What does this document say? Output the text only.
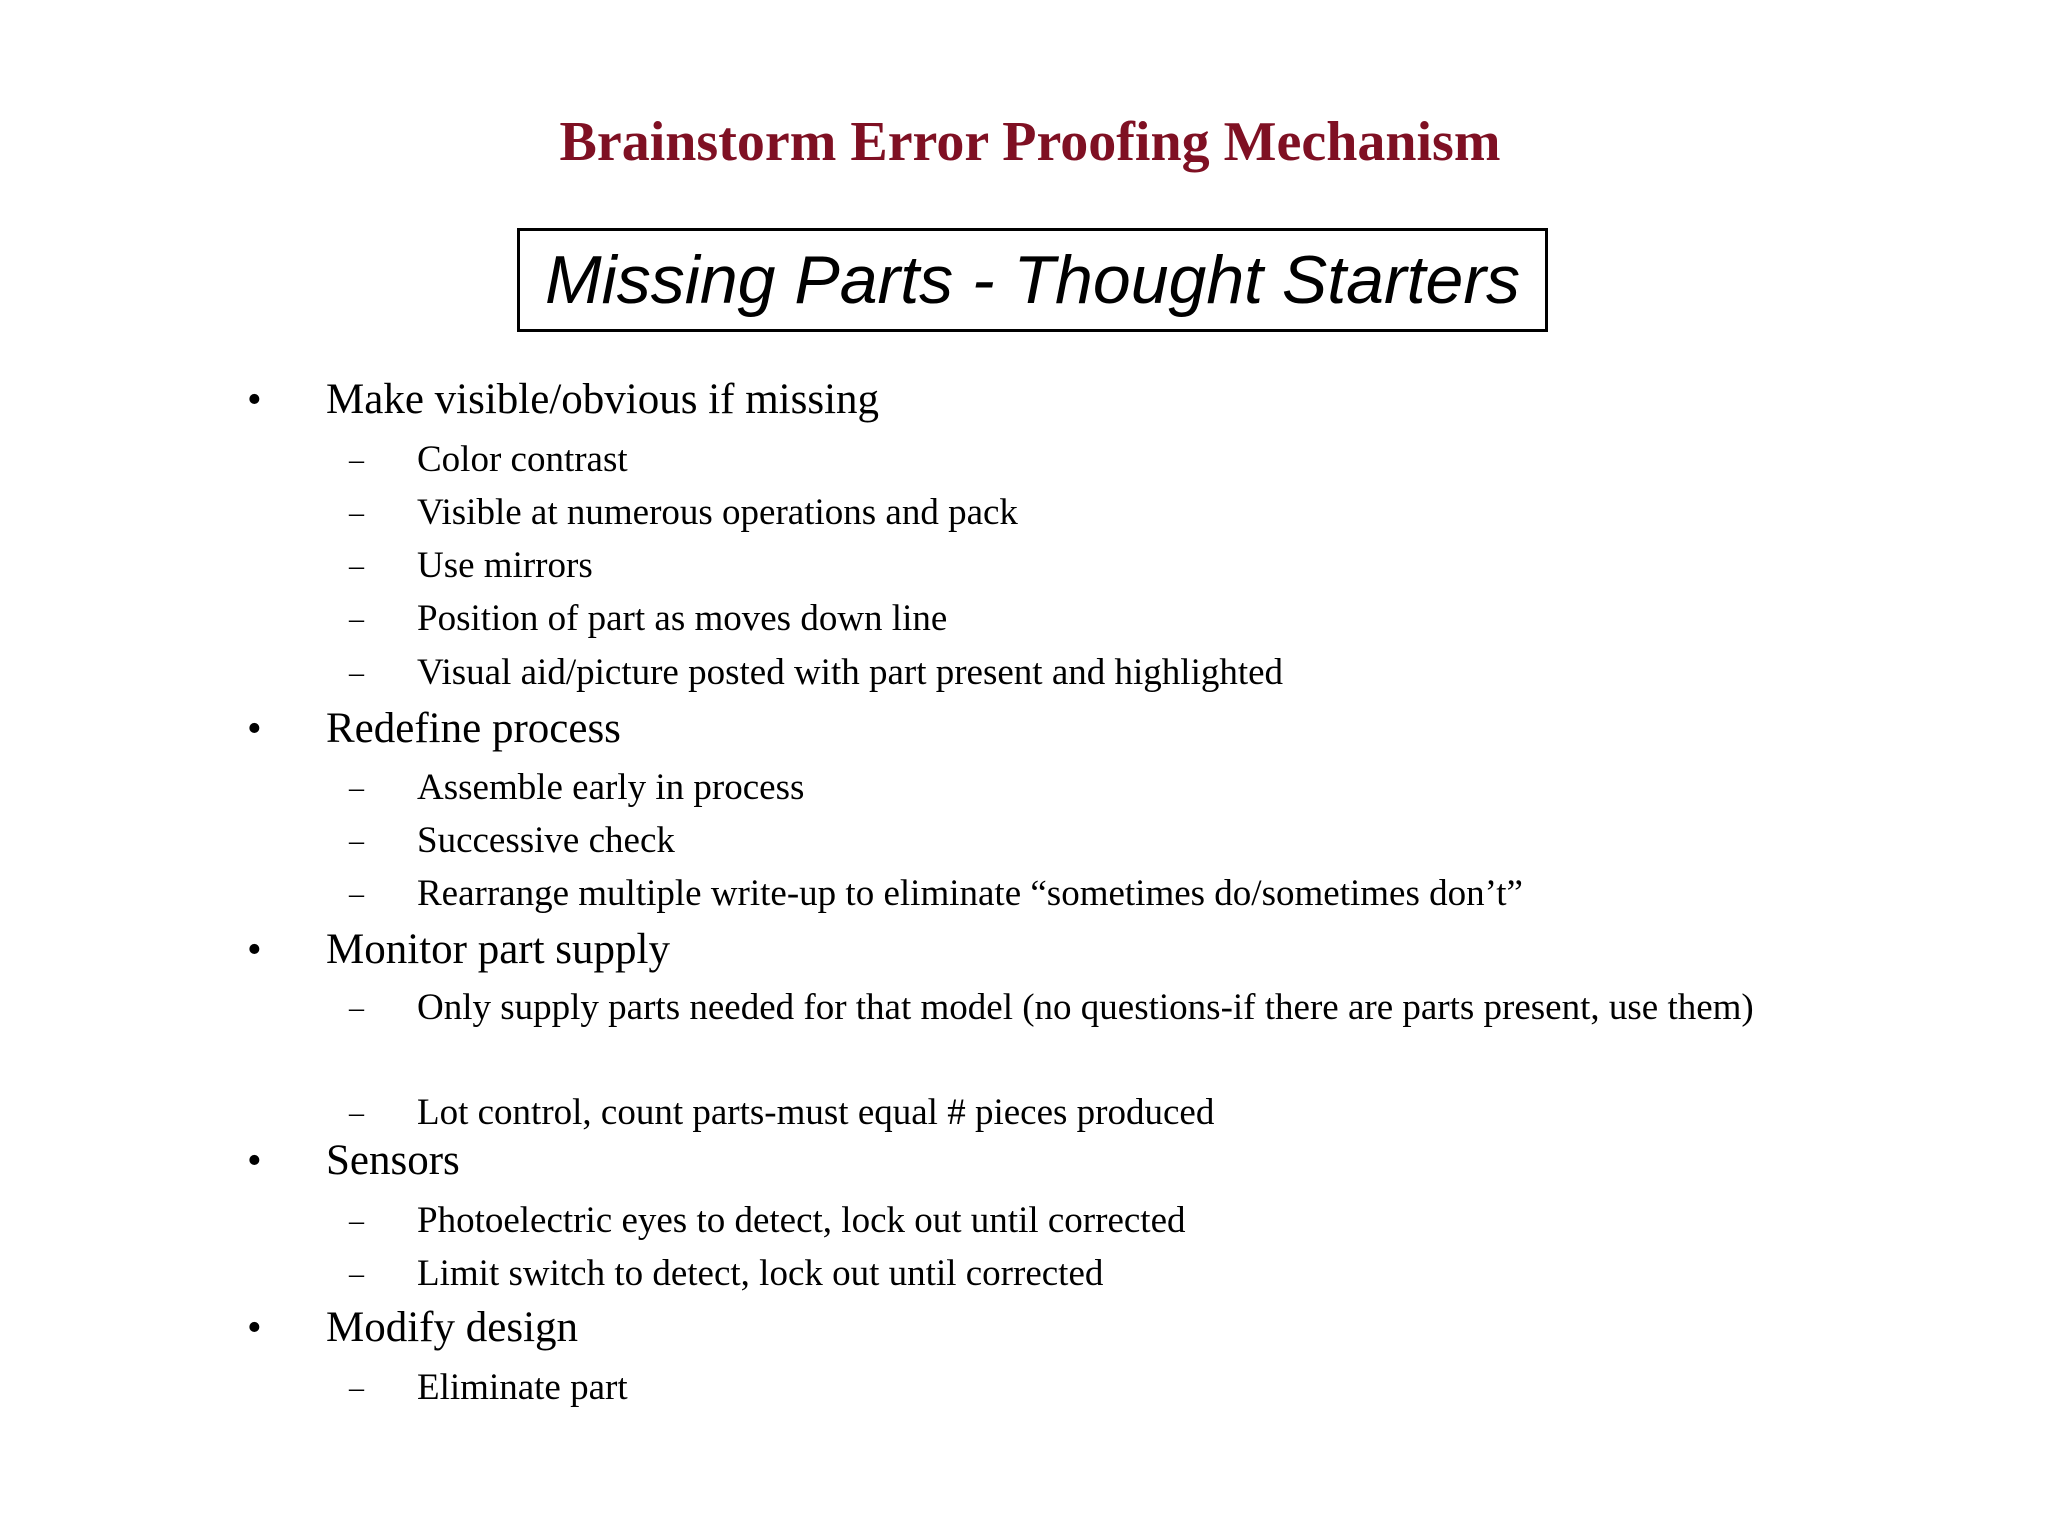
Brainstorm Error Proofing Mechanism
Missing Parts - Thought Starters
• Make visible/obvious if missing
– Color contrast
– Visible at numerous operations and pack
– Use mirrors
– Position of part as moves down line
– Visual aid/picture posted with part present and highlighted
• Redefine process
– Assemble early in process
– Successive check
– Rearrange multiple write-up to eliminate “sometimes do/sometimes don’t”
• Monitor part supply
– Only supply parts needed for that model (no questions-if there are parts present, use them)
– Lot control, count parts-must equal # pieces produced
• Sensors
– Photoelectric eyes to detect, lock out until corrected
– Limit switch to detect, lock out until corrected
• Modify design
– Eliminate part
